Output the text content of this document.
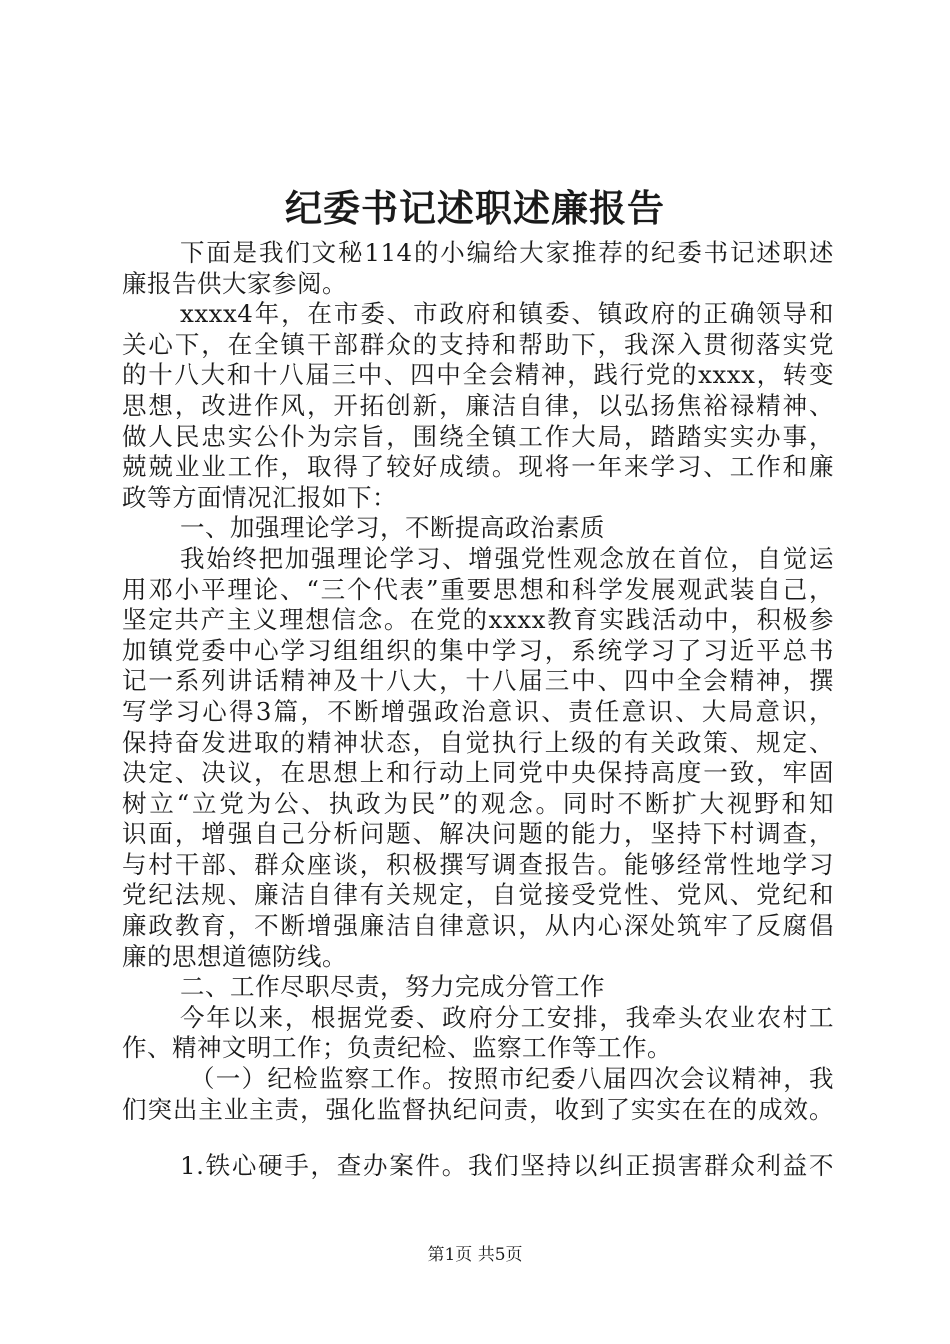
纪委书记述职述廉报告
下面是我们文秘114的小编给大家推荐的纪委书记述职述
廉报告供大家参阅。
xxxx4年，在市委、市政府和镇委、镇政府的正确领导和
关心下，在全镇干部群众的支持和帮助下，我深入贯彻落实党
的十八大和十八届三中、四中全会精神，践行党的xxxx，转变
思想，改进作风，开拓创新，廉洁自律，以弘扬焦裕禄精神、
做人民忠实公仆为宗旨，围绕全镇工作大局，踏踏实实办事，
兢兢业业工作，取得了较好成绩。现将一年来学习、工作和廉
政等方面情况汇报如下：
一、加强理论学习，不断提高政治素质
我始终把加强理论学习、增强党性观念放在首位，自觉运
用邓小平理论、“三个代表”重要思想和科学发展观武装自己，
坚定共产主义理想信念。在党的xxxx教育实践活动中，积极参
加镇党委中心学习组组织的集中学习，系统学习了习近平总书
记一系列讲话精神及十八大，十八届三中、四中全会精神，撰
写学习心得3篇，不断增强政治意识、责任意识、大局意识，
保持奋发进取的精神状态，自觉执行上级的有关政策、规定、
决定、决议，在思想上和行动上同党中央保持高度一致，牢固
树立“立党为公、执政为民”的观念。同时不断扩大视野和知
识面，增强自己分析问题、解决问题的能力，坚持下村调查，
与村干部、群众座谈，积极撰写调查报告。能够经常性地学习
党纪法规、廉洁自律有关规定，自觉接受党性、党风、党纪和
廉政教育，不断增强廉洁自律意识，从内心深处筑牢了反腐倡
廉的思想道德防线。
二、工作尽职尽责，努力完成分管工作
今年以来，根据党委、政府分工安排，我牵头农业农村工
作、精神文明工作；负责纪检、监察工作等工作。
（一）纪检监察工作。按照市纪委八届四次会议精神，我
们突出主业主责，强化监督执纪问责，收到了实实在在的成效。
1.铁心硬手，查办案件。我们坚持以纠正损害群众利益不
第1页 共5页
